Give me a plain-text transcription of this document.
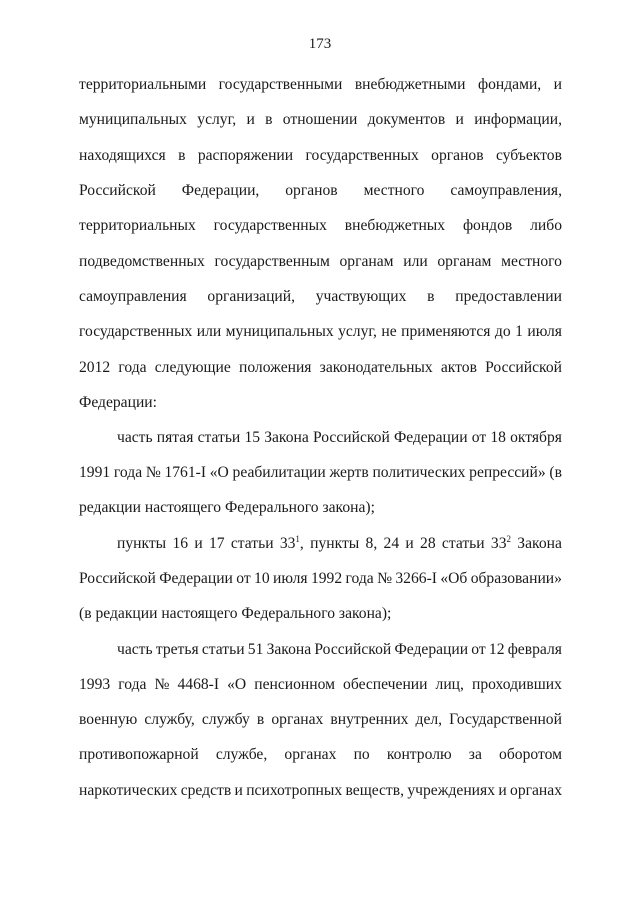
173
территориальными государственными внебюджетными фондами, и
муниципальных услуг, и в отношении документов и информации,
находящихся в распоряжении государственных органов субъектов
Российской Федерации, органов местного самоуправления,
территориальных государственных внебюджетных фондов либо
подведомственных государственным органам или органам местного
самоуправления организаций, участвующих в предоставлении
государственных или муниципальных услуг, не применяются до 1 июля
2012 года следующие положения законодательных актов Российской
Федерации:
часть пятая статьи 15 Закона Российской Федерации от 18 октября
1991 года № 1761-I «О реабилитации жертв политических репрессий» (в
редакции настоящего Федерального закона);
пункты 16 и 17 статьи $33^1$, пункты 8, 24 и 28 статьи $33^2$ Закона
Российской Федерации от 10 июля 1992 года № 3266-I «Об образовании»
(в редакции настоящего Федерального закона);
часть третья статьи 51 Закона Российской Федерации от 12 февраля
1993 года № 4468-I «О пенсионном обеспечении лиц, проходивших
военную службу, службу в органах внутренних дел, Государственной
противопожарной службе, органах по контролю за оборотом
наркотических средств и психотропных веществ, учреждениях и органах
